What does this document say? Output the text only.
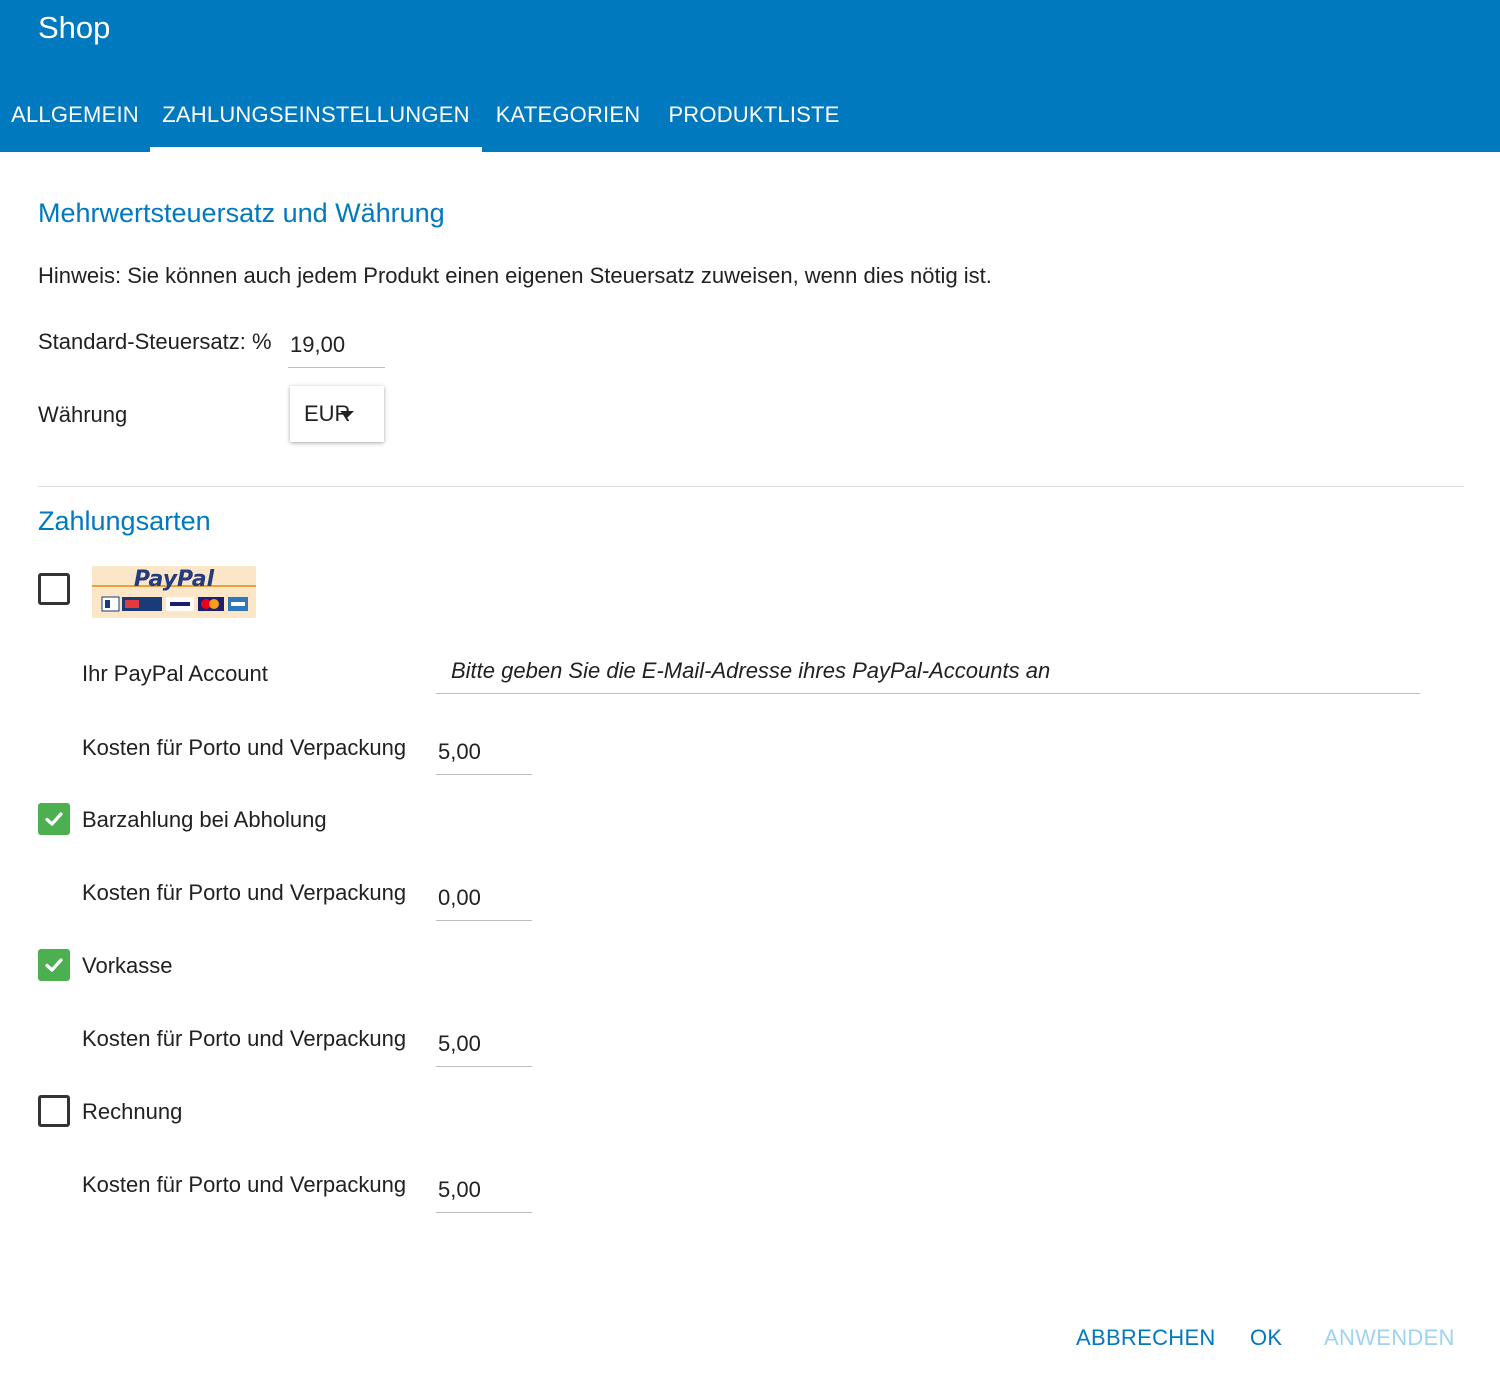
Shop
ALLGEMEIN	ZAHLUNGSEINSTELLUNGEN	KATEGORIEN	PRODUKTLISTE
Mehrwertsteuersatz und Währung
Hinweis: Sie können auch jedem Produkt einen eigenen Steuersatz zuweisen, wenn dies nötig ist.
Standard-Steuersatz: %
19,00
Währung	EUR
Zahlungsarten
PayPal
Ihr PayPal Account
Bitte geben Sie die E-Mail-Adresse ihres PayPal-Accounts an
Kosten für Porto und Verpackung
5,00
Barzahlung bei Abholung
Kosten für Porto und Verpackung
0,00
Vorkasse
Kosten für Porto und Verpackung
5,00
Rechnung
Kosten für Porto und Verpackung
5,00
ABBRECHEN OK ANWENDEN
